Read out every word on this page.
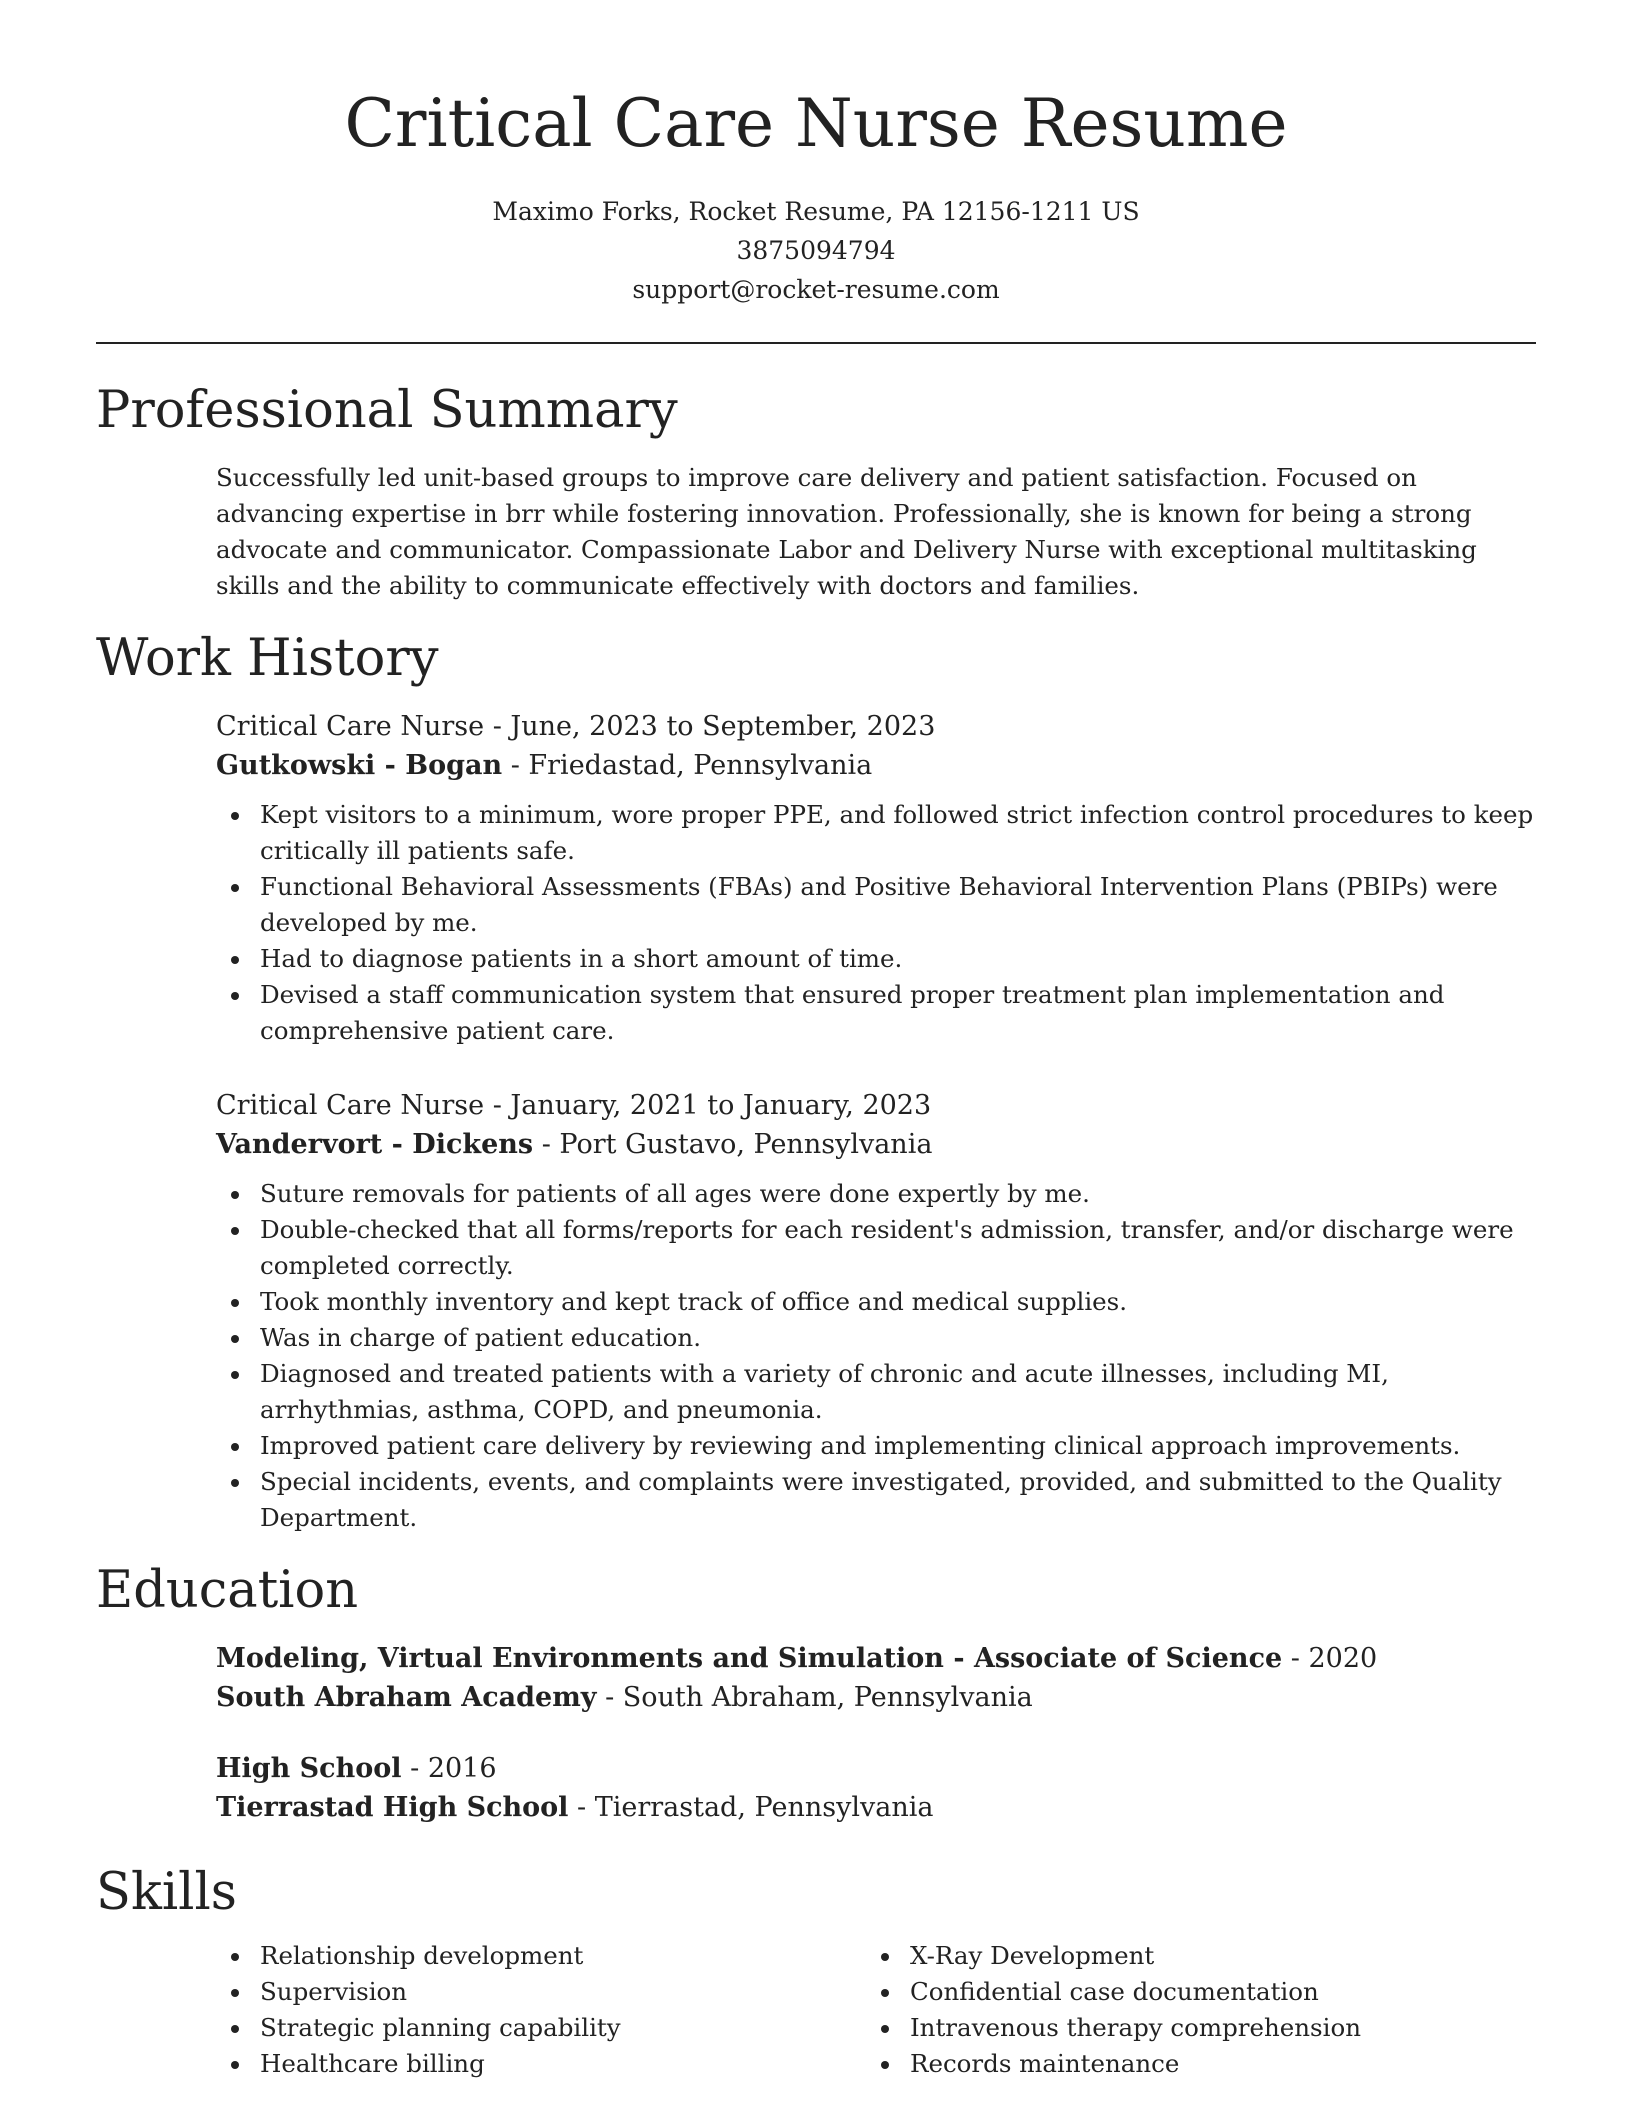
Critical Care Nurse Resume
Maximo Forks, Rocket Resume, PA 12156-1211 US
3875094794
support@rocket-resume.com
Professional Summary

Successfully led unit-based groups to improve care delivery and patient satisfaction. Focused on advancing expertise in brr while fostering innovation. Professionally, she is known for being a strong advocate and communicator. Compassionate Labor and Delivery Nurse with exceptional multitasking skills and the ability to communicate effectively with doctors and families.

Work History
Critical Care Nurse - June, 2023 to September, 2023
Gutkowski - Bogan - Friedastad, Pennsylvania
Kept visitors to a minimum, wore proper PPE, and followed strict infection control procedures to keep critically ill patients safe.
Functional Behavioral Assessments (FBAs) and Positive Behavioral Intervention Plans (PBIPs) were developed by me.
Had to diagnose patients in a short amount of time.
Devised a staff communication system that ensured proper treatment plan implementation and comprehensive patient care.
Critical Care Nurse - January, 2021 to January, 2023
Vandervort - Dickens - Port Gustavo, Pennsylvania
Suture removals for patients of all ages were done expertly by me.
Double-checked that all forms/reports for each resident's admission, transfer, and/or discharge were completed correctly.
Took monthly inventory and kept track of office and medical supplies.
Was in charge of patient education.
Diagnosed and treated patients with a variety of chronic and acute illnesses, including MI, arrhythmias, asthma, COPD, and pneumonia.
Improved patient care delivery by reviewing and implementing clinical approach improvements.
Special incidents, events, and complaints were investigated, provided, and submitted to the Quality Department.
Education
Modeling, Virtual Environments and Simulation - Associate of Science - 2020
South Abraham Academy - South Abraham, Pennsylvania
High School - 2016
Tierrastad High School - Tierrastad, Pennsylvania
Skills
Relationship development
Supervision
Strategic planning capability
Healthcare billing
X-Ray Development
Confidential case documentation
Intravenous therapy comprehension
Records maintenance
